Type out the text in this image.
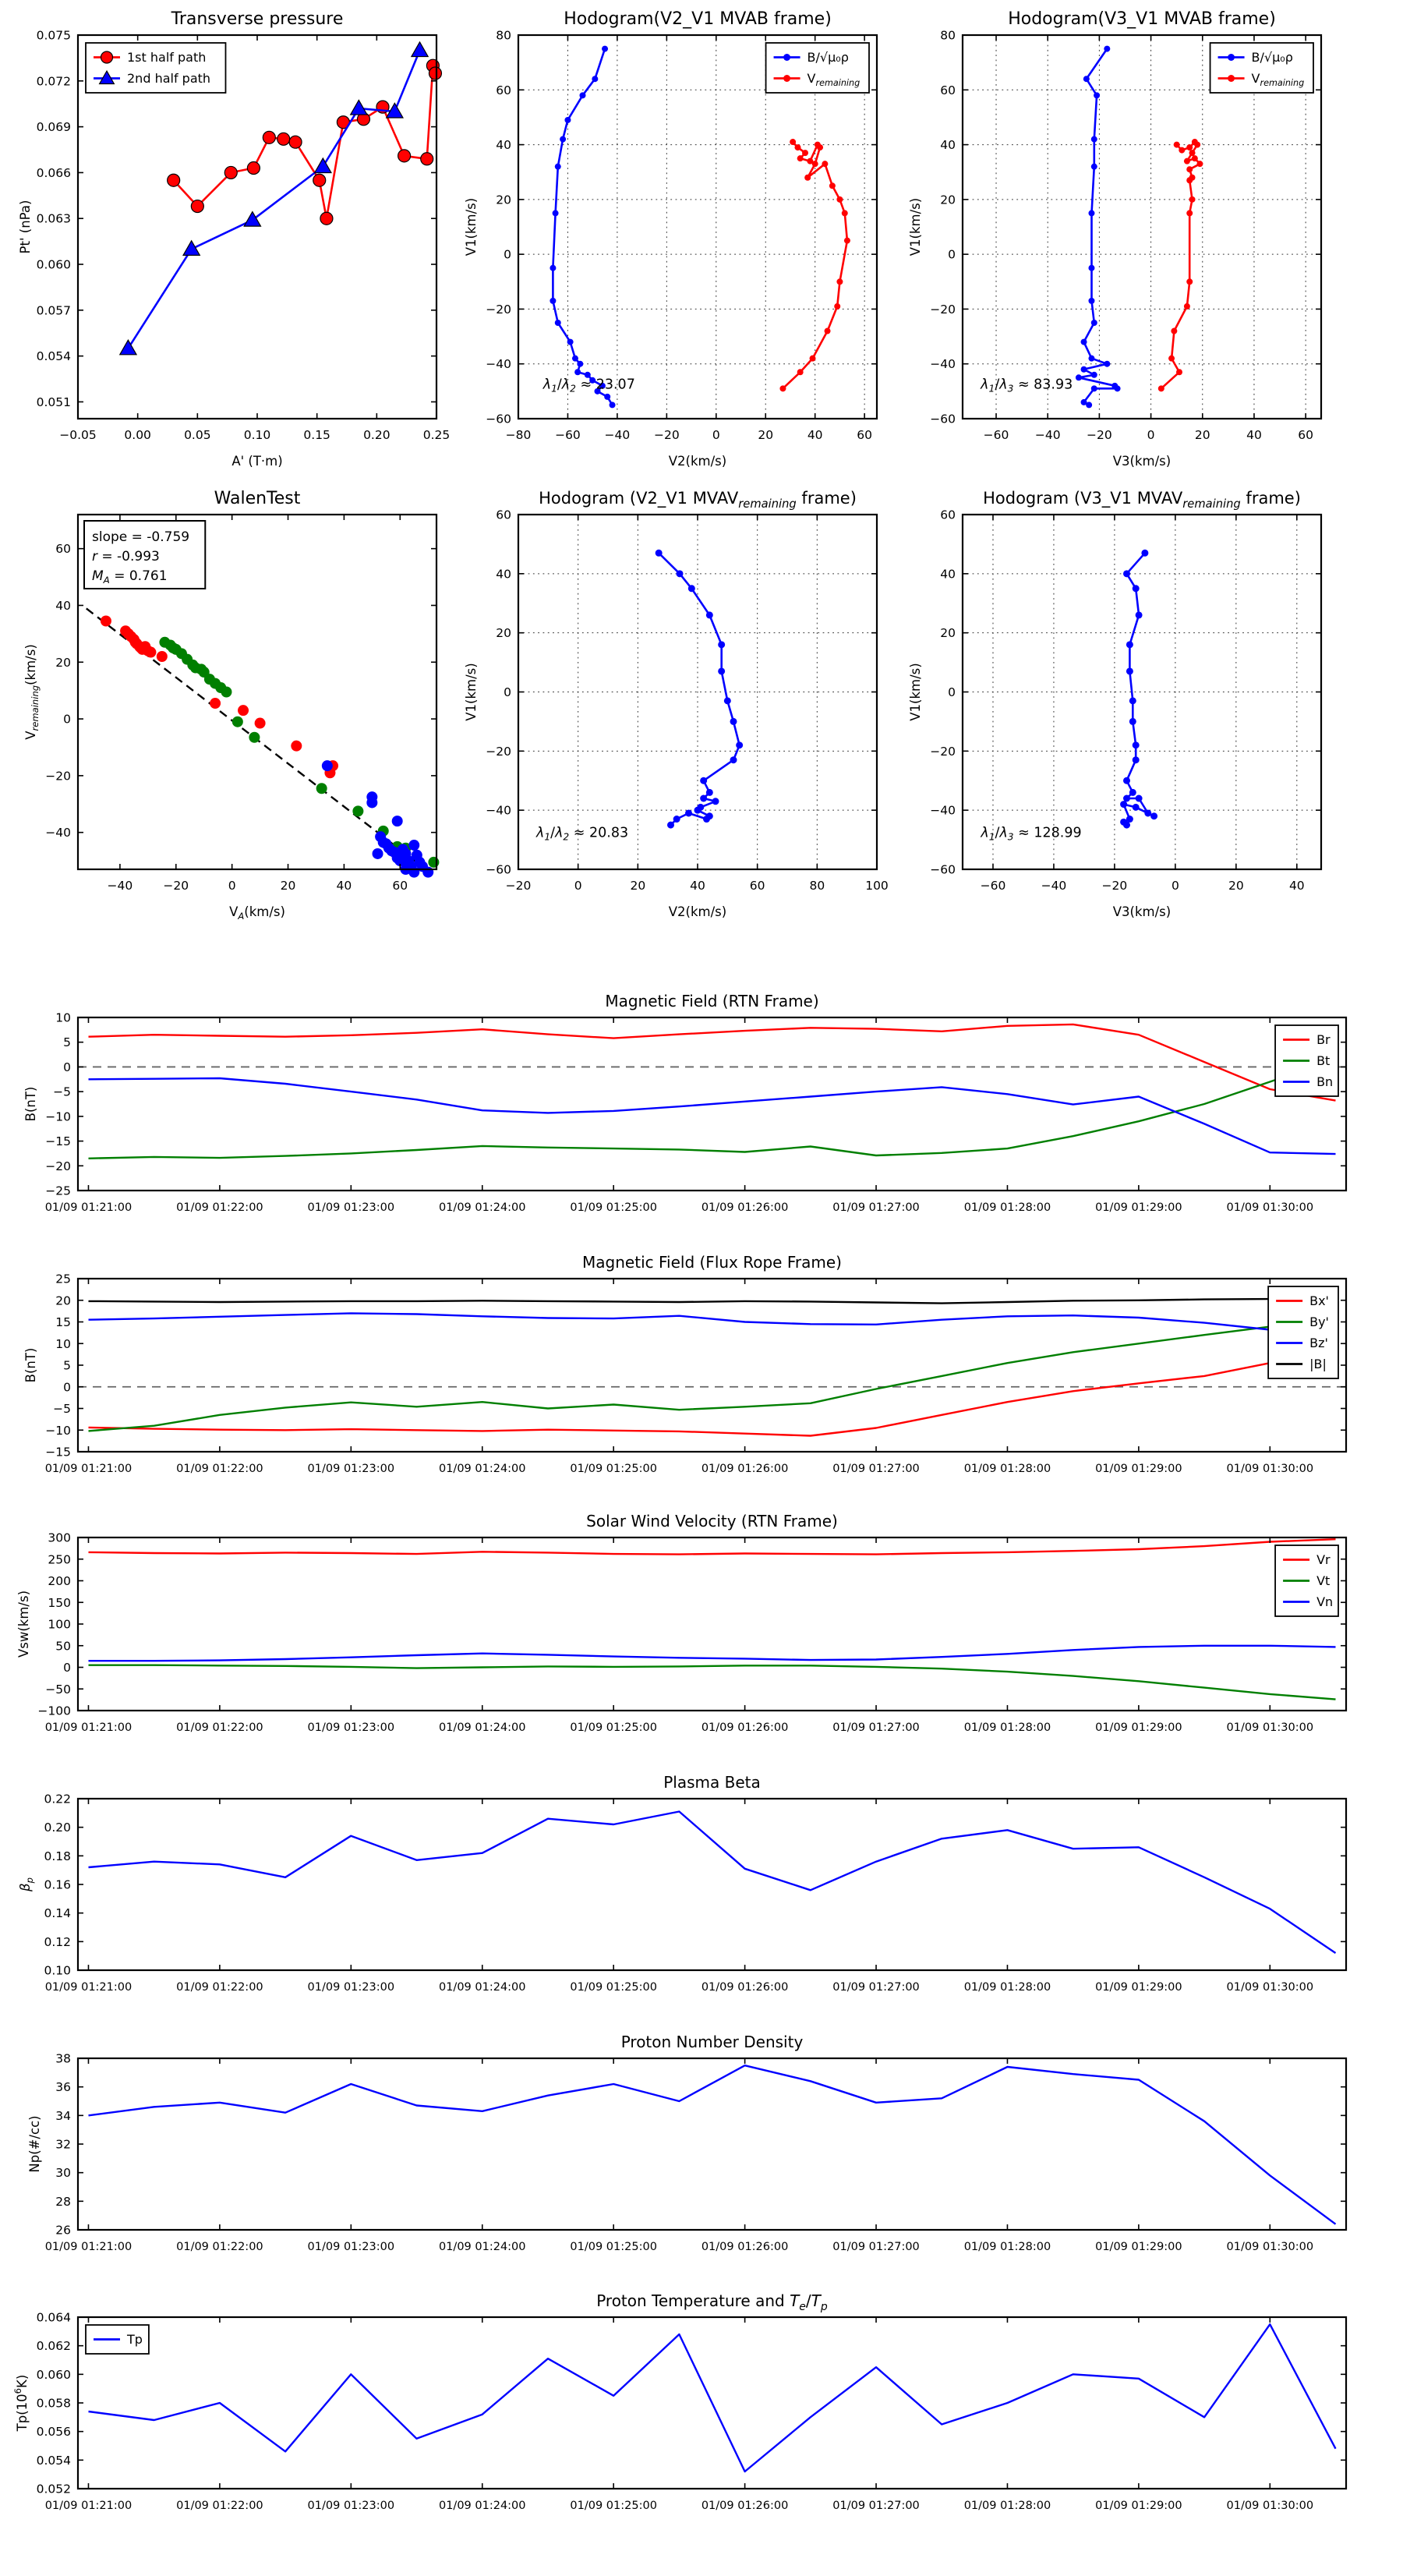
−0.05 0.00	0.05	0.10	0.15	0.20	0.25
0.051
0.054
0.057
0.060
0.063
0.066
0.069
0.072
0.075
Transverse pressure
A' (T·m)
Pt' (nPa)
1st half path
2nd half path
−80 −60 −40 −20	0	20	40	60
−60
−40
−20
0
20
40
60
80
Hodogram(V2_V1 MVAB frame)
V2(km/s)
V1(km/s)
$\lambda_1/\lambda_2 \approx 23.07$
B/√μ₀ρ
$V_{remaining}$
−60 −40 −20	0	20	40	60
−60
−40
−20
0
20
40
60
80
Hodogram(V3_V1 MVAB frame)
V3(km/s)
V1(km/s)
$\lambda_1/\lambda_3 \approx 83.93$
B/√μ₀ρ
$V_{remaining}$
−40	−20	0	20	40	60
−40
−20
0
20
40
60
WalenTest
$V_A(km/s)$
$V_{remaining}(km/s)$
slope = -0.759
r = -0.993
$M_A = 0.761$
−20	0	20	40	60	80	100
−60
−40
−20
0
20
40
60
Hodogram (V2_V1 $MVAV_{remaining}$ frame)
V2(km/s)
V1(km/s)
$\lambda_1/\lambda_2 \approx 20.83$
−60	−40	−20	0	20	40
−60
−40
−20
0
20
40
60
Hodogram (V3_V1 $MVAV_{remaining}$ frame)
V3(km/s)
V1(km/s)
$\lambda_1/\lambda_3 \approx 128.99$
01/09 01:21:00	01/09 01:22:00	01/09 01:23:00	01/09 01:24:00	01/09 01:25:00	01/09 01:26:00	01/09 01:27:00	01/09 01:28:00	01/09 01:29:00	01/09 01:30:00
−25
−20
−15
−10
−5
0
5
10
Magnetic Field (RTN Frame)
B(nT)
Br
Bt
Bn
01/09 01:21:00	01/09 01:22:00	01/09 01:23:00	01/09 01:24:00	01/09 01:25:00	01/09 01:26:00	01/09 01:27:00	01/09 01:28:00	01/09 01:29:00	01/09 01:30:00
−15
−10
−5
0
5
10
15
20
25
Magnetic Field (Flux Rope Frame)
B(nT)
Bx'
By'
Bz'
|B|
01/09 01:21:00	01/09 01:22:00	01/09 01:23:00	01/09 01:24:00	01/09 01:25:00	01/09 01:26:00	01/09 01:27:00	01/09 01:28:00	01/09 01:29:00	01/09 01:30:00
−100
−50
0
50
100
150
200
250
300
Solar Wind Velocity (RTN Frame)
Vsw(km/s)
Vr
Vt
Vn
01/09 01:21:00	01/09 01:22:00	01/09 01:23:00	01/09 01:24:00	01/09 01:25:00	01/09 01:26:00	01/09 01:27:00	01/09 01:28:00	01/09 01:29:00	01/09 01:30:00
0.10
0.12
0.14
0.16
0.18
0.20
0.22
Plasma Beta
$\beta_p$
01/09 01:21:00	01/09 01:22:00	01/09 01:23:00	01/09 01:24:00	01/09 01:25:00	01/09 01:26:00	01/09 01:27:00	01/09 01:28:00	01/09 01:29:00	01/09 01:30:00
26
28
30
32
34
36
38
Proton Number Density
Np(#/cc)
01/09 01:21:00	01/09 01:22:00	01/09 01:23:00	01/09 01:24:00	01/09 01:25:00	01/09 01:26:00	01/09 01:27:00	01/09 01:28:00	01/09 01:29:00	01/09 01:30:00
0.052
0.054
0.056
0.058
0.060
0.062
0.064
Proton Temperature and $T_e/T_p$
$Tp(10^6K)$
Tp
